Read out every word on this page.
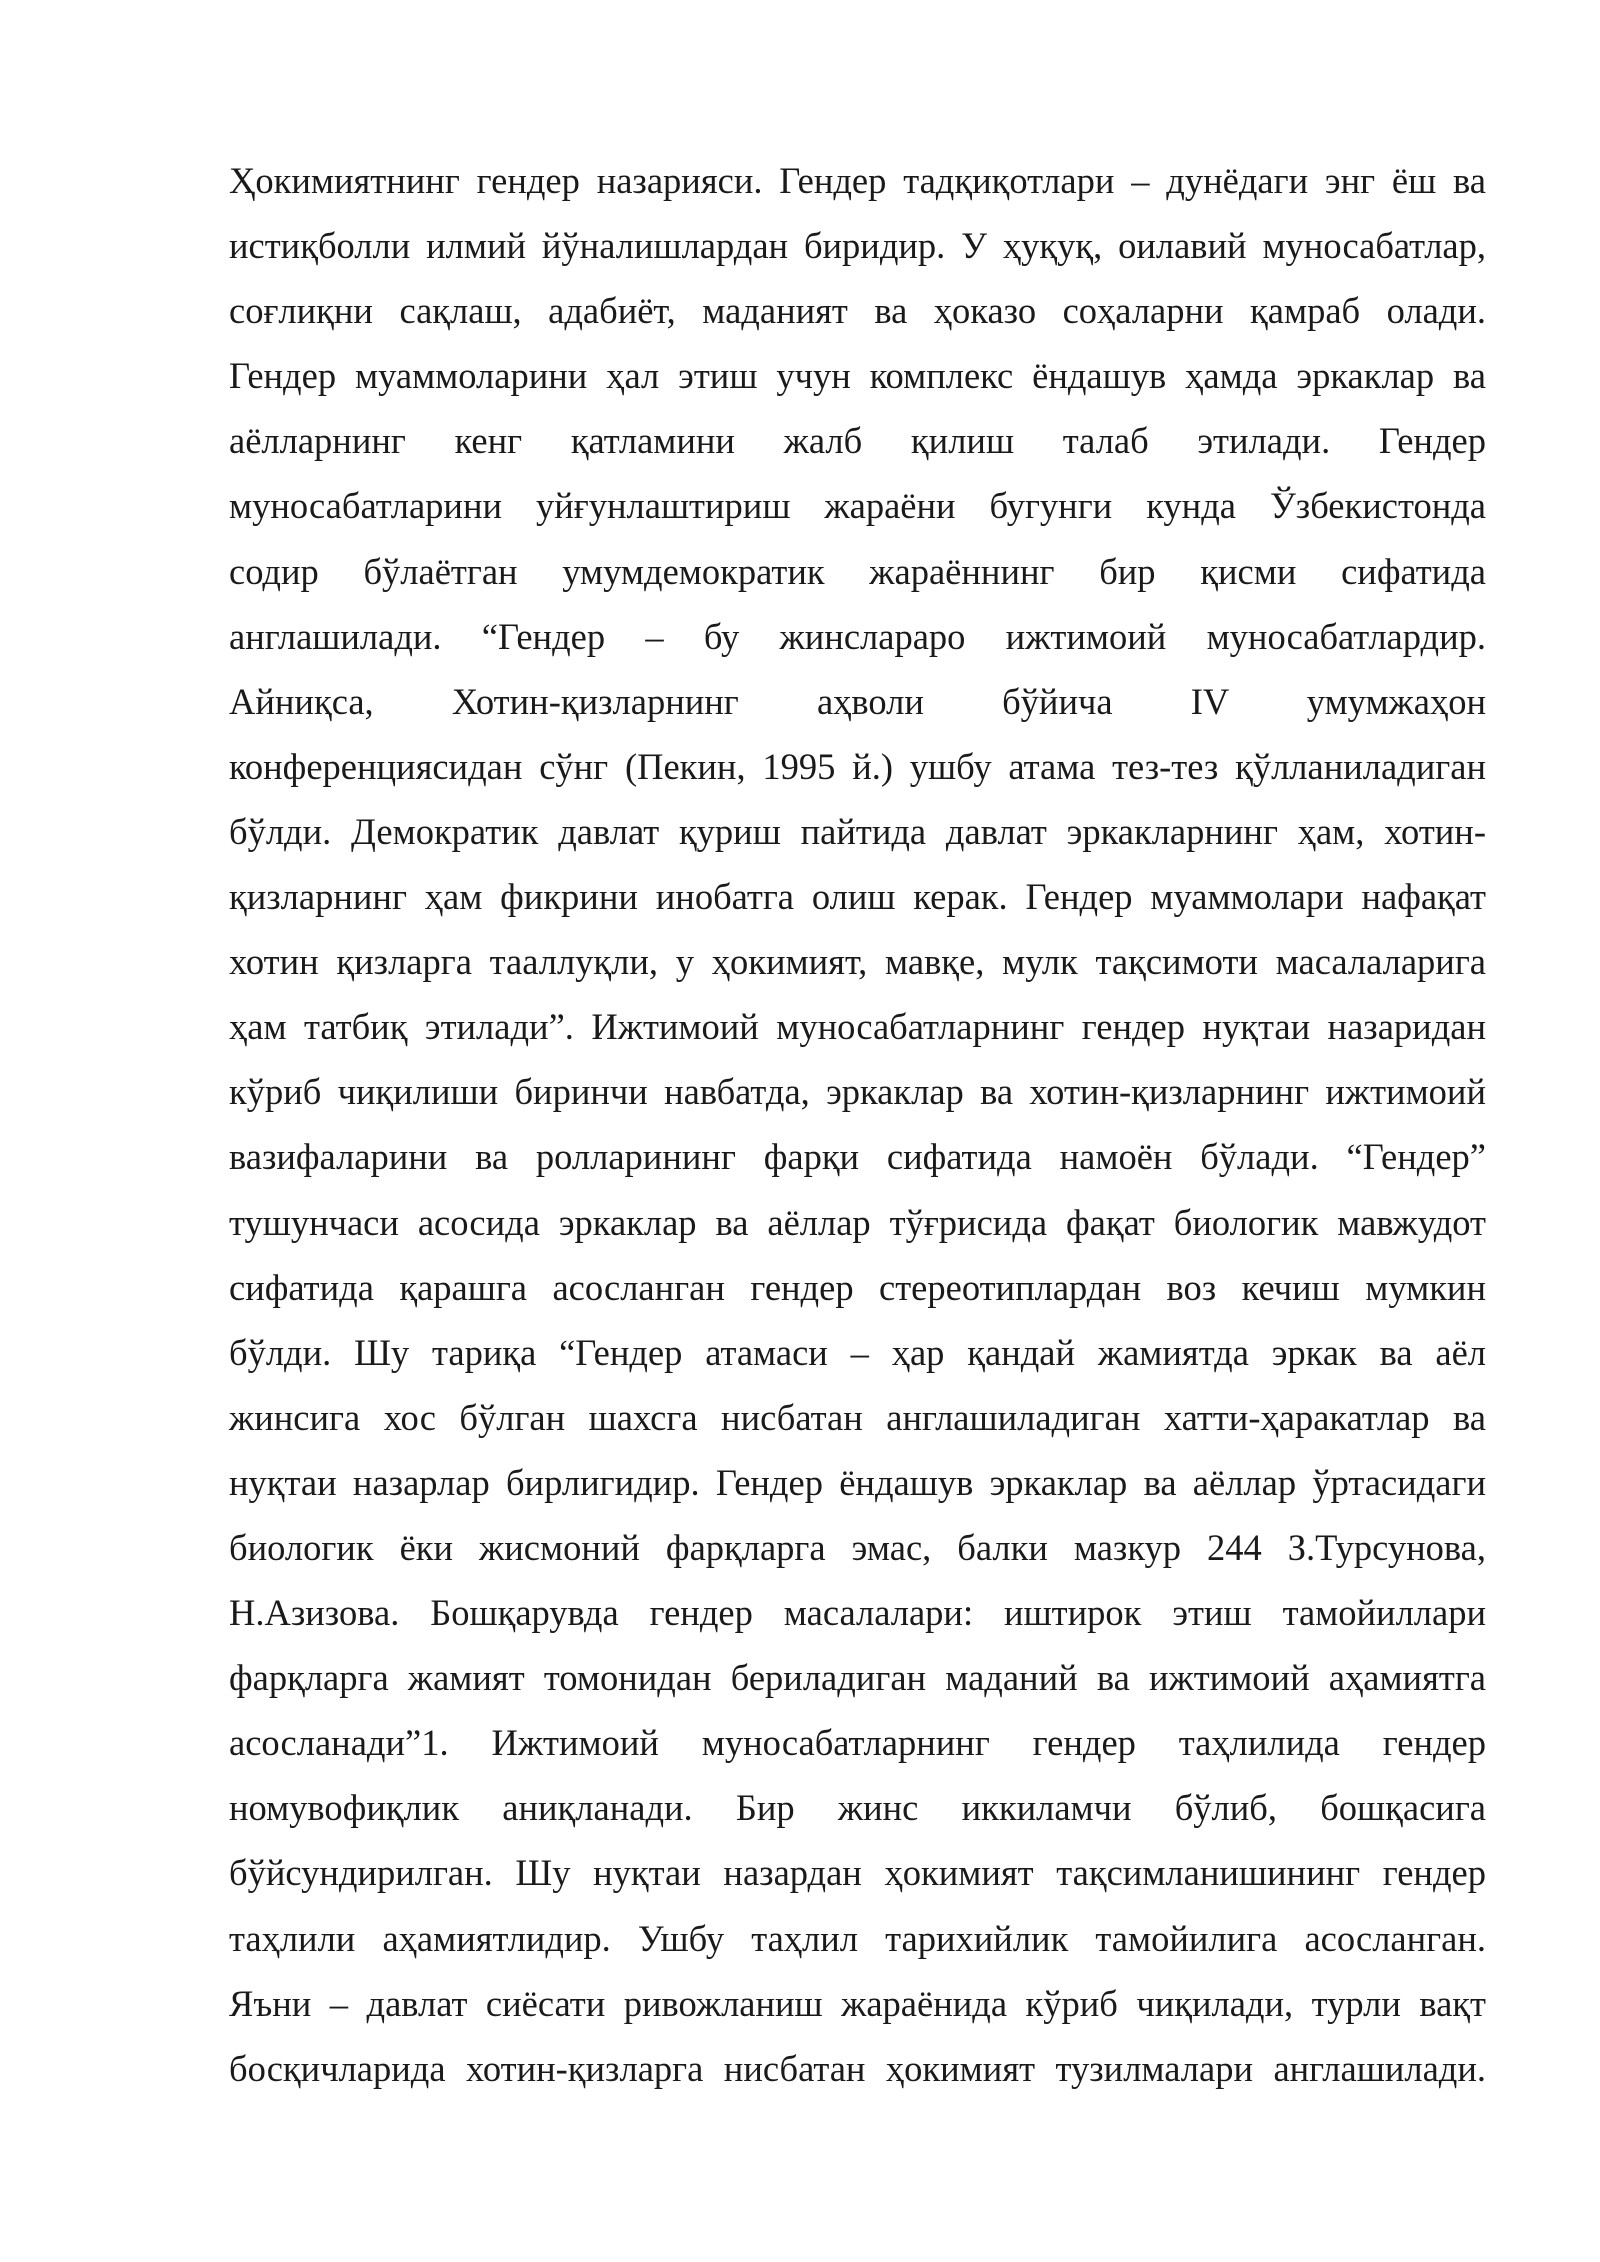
Ҳокимиятнинг гендер назарияси. Гендер тадқиқотлари – дунёдаги энг ёш ва
истиқболли илмий йўналишлардан биридир. У ҳуқуқ, оилавий муносабатлар,
соғлиқни сақлаш, адабиёт, маданият ва ҳоказо соҳаларни қамраб олади.
Гендер муаммоларини ҳал этиш учун комплекс ёндашув ҳамда эркаклар ва
аёлларнинг кенг қатламини жалб қилиш талаб этилади. Гендер
муносабатларини уйғунлаштириш жараёни бугунги кунда Ўзбекистонда
содир бўлаётган умумдемократик жараённинг бир қисми сифатида
англашилади. “Гендер – бу жинслараро ижтимоий муносабатлардир.
Айниқса, Хотин-қизларнинг аҳволи бўйича IV умумжаҳон
конференциясидан сўнг (Пекин, 1995 й.) ушбу атама тез-тез қўлланиладиган
бўлди. Демократик давлат қуриш пайтида давлат эркакларнинг ҳам, хотин-
қизларнинг ҳам фикрини инобатга олиш керак. Гендер муаммолари нафақат
хотин қизларга тааллуқли, у ҳокимият, мавқе, мулк тақсимоти масалаларига
ҳам татбиқ этилади”. Ижтимоий муносабатларнинг гендер нуқтаи назаридан
кўриб чиқилиши биринчи навбатда, эркаклар ва хотин-қизларнинг ижтимоий
вазифаларини ва ролларининг фарқи сифатида намоён бўлади. “Гендер”
тушунчаси асосида эркаклар ва аёллар тўғрисида фақат биологик мавжудот
сифатида қарашга асосланган гендер стереотиплардан воз кечиш мумкин
бўлди. Шу тариқа “Гендер атамаси – ҳар қандай жамиятда эркак ва аёл
жинсига хос бўлган шахсга нисбатан англашиладиган хатти-ҳаракатлар ва
нуқтаи назарлар бирлигидир. Гендер ёндашув эркаклар ва аёллар ўртасидаги
биологик ёки жисмоний фарқларга эмас, балки мазкур 244 З.Турсунова,
Н.Азизова. Бошқарувда гендер масалалари: иштирок этиш тамойиллари
фарқларга жамият томонидан бериладиган маданий ва ижтимоий аҳамиятга
асосланади”1. Ижтимоий муносабатларнинг гендер таҳлилида гендер
номувофиқлик аниқланади. Бир жинс иккиламчи бўлиб, бошқасига
бўйсундирилган. Шу нуқтаи назардан ҳокимият тақсимланишининг гендер
таҳлили аҳамиятлидир. Ушбу таҳлил тарихийлик тамойилига асосланган.
Яъни – давлат сиёсати ривожланиш жараёнида кўриб чиқилади, турли вақт
босқичларида хотин-қизларга нисбатан ҳокимият тузилмалари англашилади.
